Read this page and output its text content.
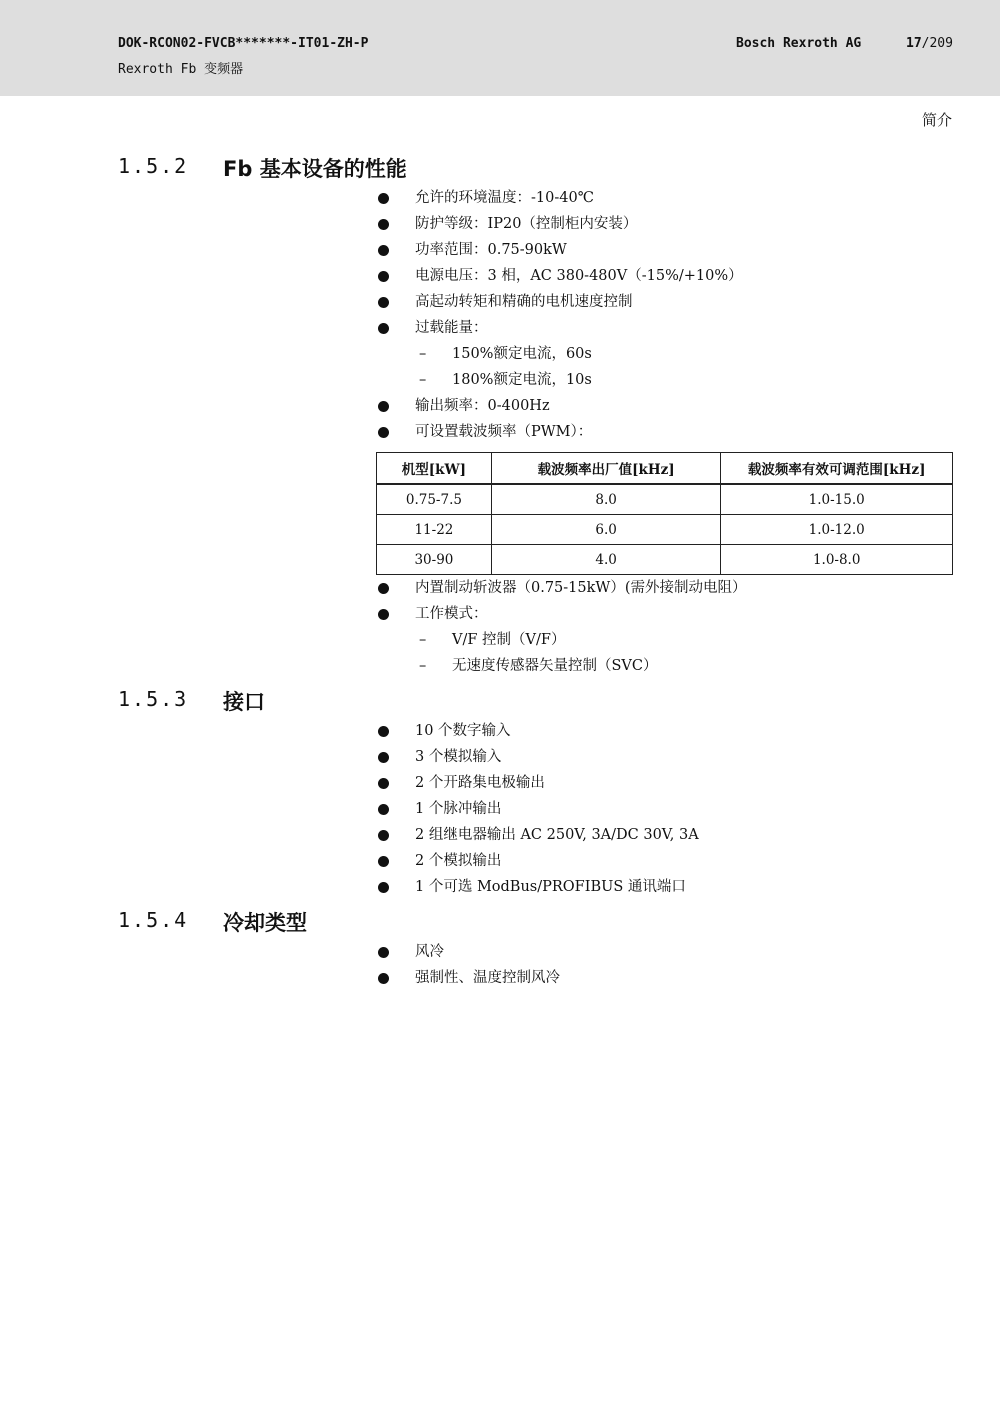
DOK-RCON02-FVCB*******-IT01-ZH-P
Rexroth Fb 变频器
Bosch Rexroth AG	17/209
简介
1.5.2 Fb 基本设备的性能
允许的环境温度：-10-40℃
防护等级：IP20（控制柜内安装）
功率范围：0.75-90kW
电源电压：3 相，AC 380-480V（-15%/+10%）
高起动转矩和精确的电机速度控制
过载能量：
– 150%额定电流，60s
– 180%额定电流，10s
输出频率：0-400Hz
可设置载波频率（PWM）：
机型[kW]	载波频率出厂值[kHz]	载波频率有效可调范围[kHz]
0.75-7.5	8.0	1.0-15.0
11-22	6.0	1.0-12.0
30-90	4.0	1.0-8.0
内置制动斩波器（0.75-15kW）(需外接制动电阻）
工作模式：
– V/F 控制（V/F）
– 无速度传感器矢量控制（SVC）
1.5.3 接口
10 个数字输入
3 个模拟输入
2 个开路集电极输出
1 个脉冲输出
2 组继电器输出 AC 250V, 3A/DC 30V, 3A
2 个模拟输出
1 个可选 ModBus/PROFIBUS 通讯端口
1.5.4 冷却类型
风冷
强制性、温度控制风冷
